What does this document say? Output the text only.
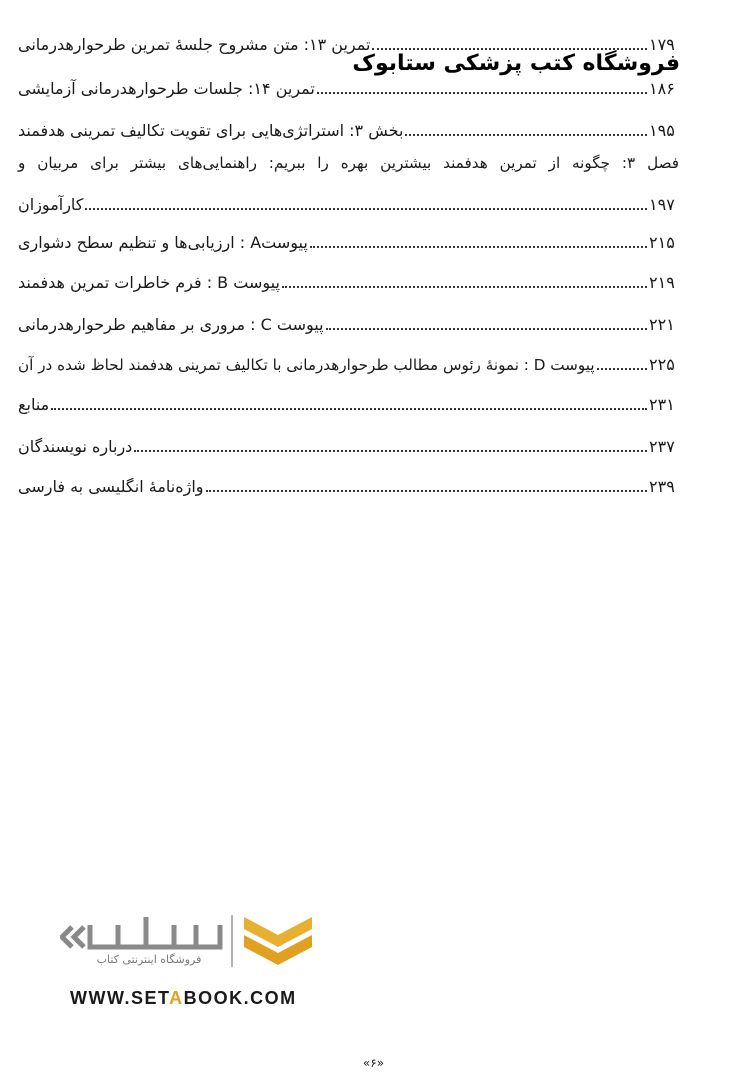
تمرین ۱۳: متن مشروح جلسهٔ تمرین طرحوارهدرمانی	۱۷۹
تمرین ۱۴: جلسات طرحوارهدرمانی آزمایشی	۱۸۶
بخش ۳: استراتژی‌هایی برای تقویت تکالیف تمرینی هدفمند	۱۹۵
فصل ۳: چگونه از تمرین هدفمند بیشترین بهره را ببریم: راهنمایی‌های بیشتر برای مربیان و
کارآموزان	۱۹۷
پیوستA : ارزیابی‌ها و تنظیم سطح دشواری	۲۱۵
پیوست B : فرم خاطرات تمرین هدفمند	۲۱۹
پیوست C : مروری بر مفاهیم طرحوارهدرمانی	۲۲۱
پیوست D : نمونهٔ رئوس مطالب طرحوارهدرمانی با تکالیف تمرینی هدفمند لحاظ شده در آن	۲۲۵
منابع	۲۳۱
درباره نویسندگان	۲۳۷
واژه‌نامهٔ انگلیسی به فارسی	۲۳۹
فروشگاه کتب پزشکی ستابوک
فروشگاه اینترنتی کتاب
WWW.SETABOOK.COM
«۶»
